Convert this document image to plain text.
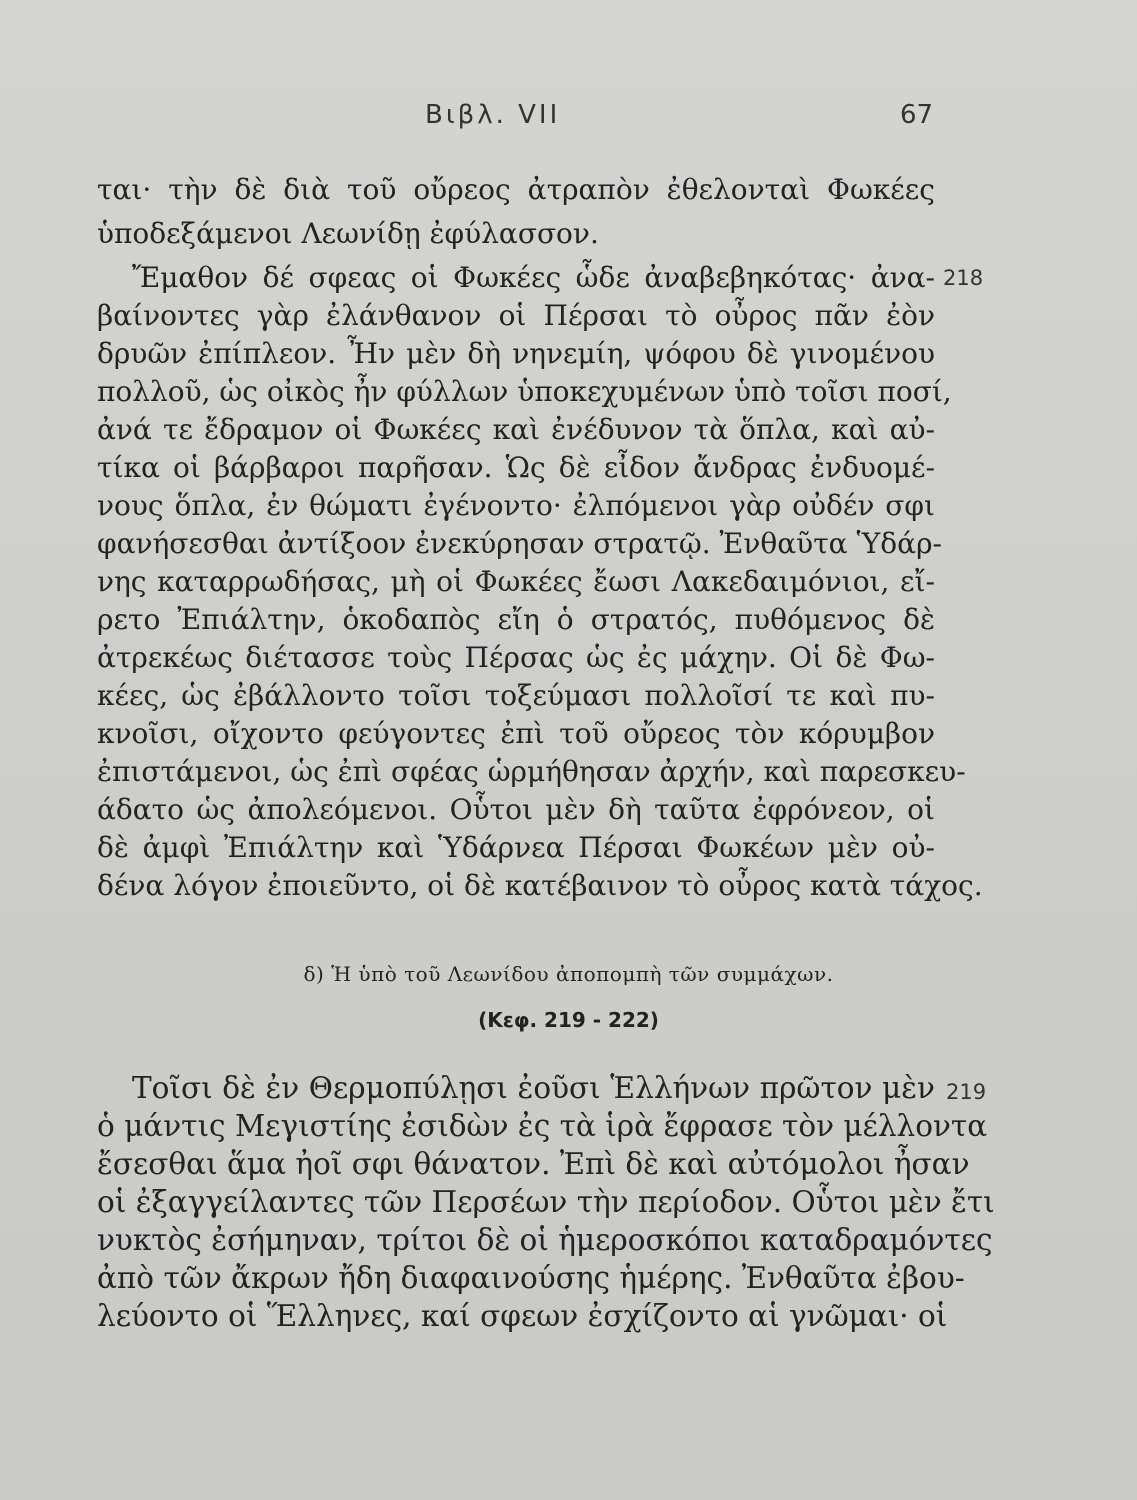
Βιβλ. VII	67
ται· τὴν δὲ διὰ τοῦ οὔρεος ἀτραπὸν ἐθελονταὶ Φωκέες
ὑποδεξάμενοι Λεωνίδῃ ἐφύλασσον.
Ἔμαθον δέ σφεας οἱ Φωκέες ὧδε ἀναβεβηκότας· ἀνα-
βαίνοντες γὰρ ἐλάνθανον οἱ Πέρσαι τὸ οὖρος πᾶν ἐὸν
δρυῶν ἐπίπλεον. Ἦν μὲν δὴ νηνεμίη, ψόφου δὲ γινομένου
πολλοῦ, ὡς οἰκὸς ἦν φύλλων ὑποκεχυμένων ὑπὸ τοῖσι ποσί,
ἀνά τε ἔδραμον οἱ Φωκέες καὶ ἐνέδυνον τὰ ὅπλα, καὶ αὐ-
τίκα οἱ βάρβαροι παρῆσαν. Ὡς δὲ εἶδον ἄνδρας ἐνδυομέ-
νους ὅπλα, ἐν θώματι ἐγένοντο· ἐλπόμενοι γὰρ οὐδέν σφι
φανήσεσθαι ἀντίξοον ἐνεκύρησαν στρατῷ. Ἐνθαῦτα Ὑδάρ-
νης καταρρωδήσας, μὴ οἱ Φωκέες ἔωσι Λακεδαιμόνιοι, εἴ-
ρετο Ἐπιάλτην, ὁκοδαπὸς εἴη ὁ στρατός, πυθόμενος δὲ
ἀτρεκέως διέτασσε τοὺς Πέρσας ὡς ἐς μάχην. Οἱ δὲ Φω-
κέες, ὡς ἐβάλλοντο τοῖσι τοξεύμασι πολλοῖσί τε καὶ πυ-
κνοῖσι, οἴχοντο φεύγοντες ἐπὶ τοῦ οὔρεος τὸν κόρυμβον
ἐπιστάμενοι, ὡς ἐπὶ σφέας ὡρμήθησαν ἀρχήν, καὶ παρεσκευ-
άδατο ὡς ἀπολεόμενοι. Οὗτοι μὲν δὴ ταῦτα ἐφρόνεον, οἱ
δὲ ἀμφὶ Ἐπιάλτην καὶ Ὑδάρνεα Πέρσαι Φωκέων μὲν οὐ-
δένα λόγον ἐποιεῦντο, οἱ δὲ κατέβαινον τὸ οὖρος κατὰ τάχος.
218
δ) Ἡ ὑπὸ τοῦ Λεωνίδου ἀποπομπὴ τῶν συμμάχων.
(Κεφ. 219 - 222)
Τοῖσι δὲ ἐν Θερμοπύλῃσι ἐοῦσι Ἑλλήνων πρῶτον μὲν
ὁ μάντις Μεγιστίης ἐσιδὼν ἐς τὰ ἱρὰ ἔφρασε τὸν μέλλοντα
ἔσεσθαι ἅμα ἠοῖ σφι θάνατον. Ἐπὶ δὲ καὶ αὐτόμολοι ἦσαν
οἱ ἐξαγγείλαντες τῶν Περσέων τὴν περίοδον. Οὗτοι μὲν ἔτι
νυκτὸς ἐσήμηναν, τρίτοι δὲ οἱ ἡμεροσκόποι καταδραμόντες
ἀπὸ τῶν ἄκρων ἤδη διαφαινούσης ἡμέρης. Ἐνθαῦτα ἐβου-
λεύοντο οἱ Ἕλληνες, καί σφεων ἐσχίζοντο αἱ γνῶμαι· οἱ
219
